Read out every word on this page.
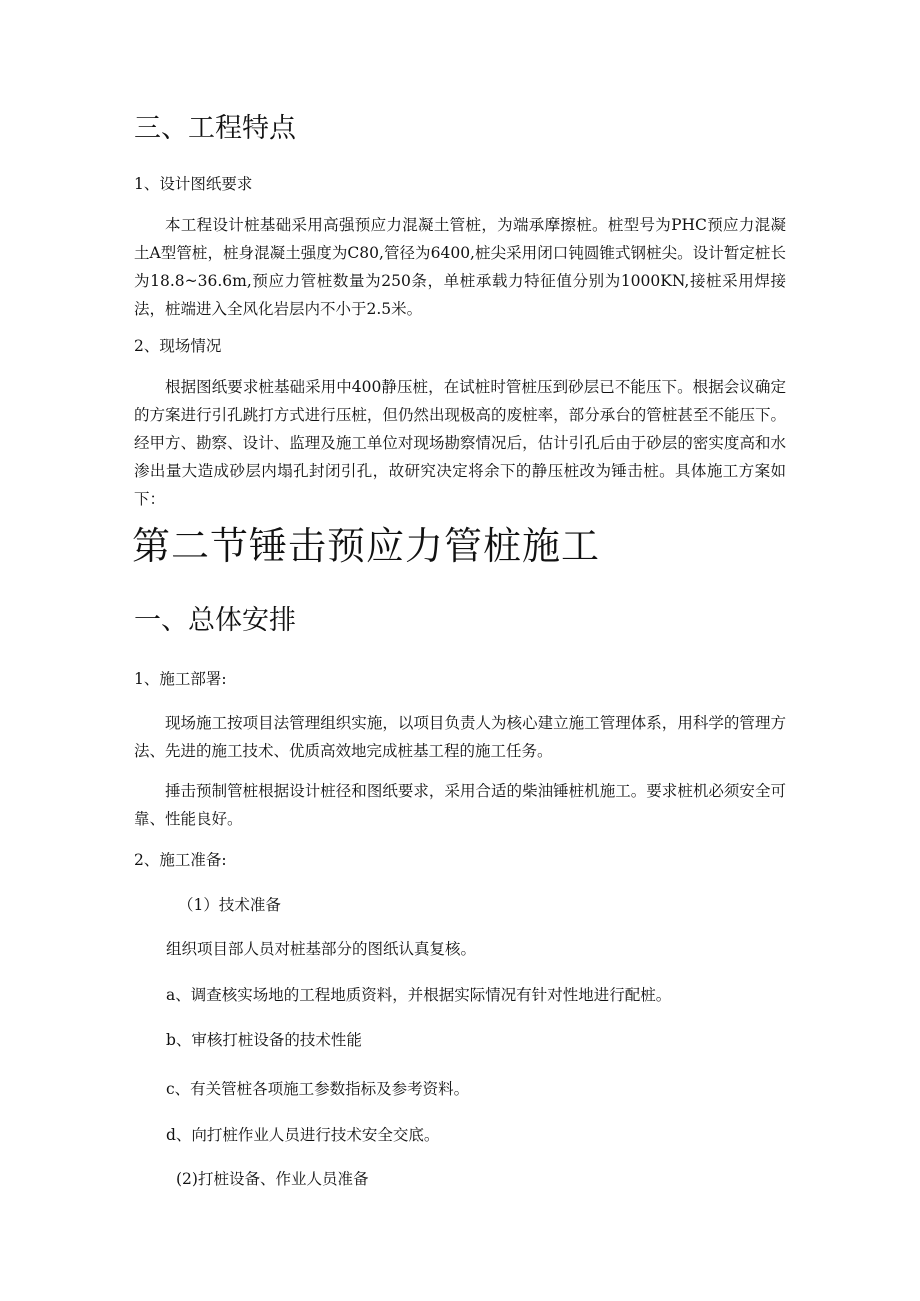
三、工程特点
1、设计图纸要求

本工程设计桩基础采用高强预应力混凝土管桩，为端承摩擦桩。桩型号为PHC预应力混凝土A型管桩，桩身混凝土强度为C80,管径为6400,桩尖采用闭口钝圆锥式钢桩尖。设计暂定桩长为18.8~36.6m,预应力管桩数量为250条，单桩承载力特征值分别为1000KN,接桩采用焊接法，桩端进入全风化岩层内不小于2.5米。

2、现场情况

根据图纸要求桩基础采用中400静压桩，在试桩时管桩压到砂层已不能压下。根据会议确定的方案进行引孔跳打方式进行压桩，但仍然出现极高的废桩率，部分承台的管桩甚至不能压下。经甲方、勘察、设计、监理及施工单位对现场勘察情况后，估计引孔后由于砂层的密实度高和水渗出量大造成砂层内塌孔封闭引孔，故研究决定将余下的静压桩改为锤击桩。具体施工方案如下：

第二节锤击预应力管桩施工
一、总体安排
1、施工部署:

现场施工按项目法管理组织实施，以项目负责人为核心建立施工管理体系，用科学的管理方法、先进的施工技术、优质高效地完成桩基工程的施工任务。

捶击预制管桩根据设计桩径和图纸要求，采用合适的柴油锤桩机施工。要求桩机必须安全可靠、性能良好。

2、施工准备:
（1）技术准备
组织项目部人员对桩基部分的图纸认真复核。
a、调查核实场地的工程地质资料，并根据实际情况有针对性地进行配桩。
b、审核打桩设备的技术性能
c、有关管桩各项施工参数指标及参考资料。
d、向打桩作业人员进行技术安全交底。
(2)打桩设备、作业人员准备
